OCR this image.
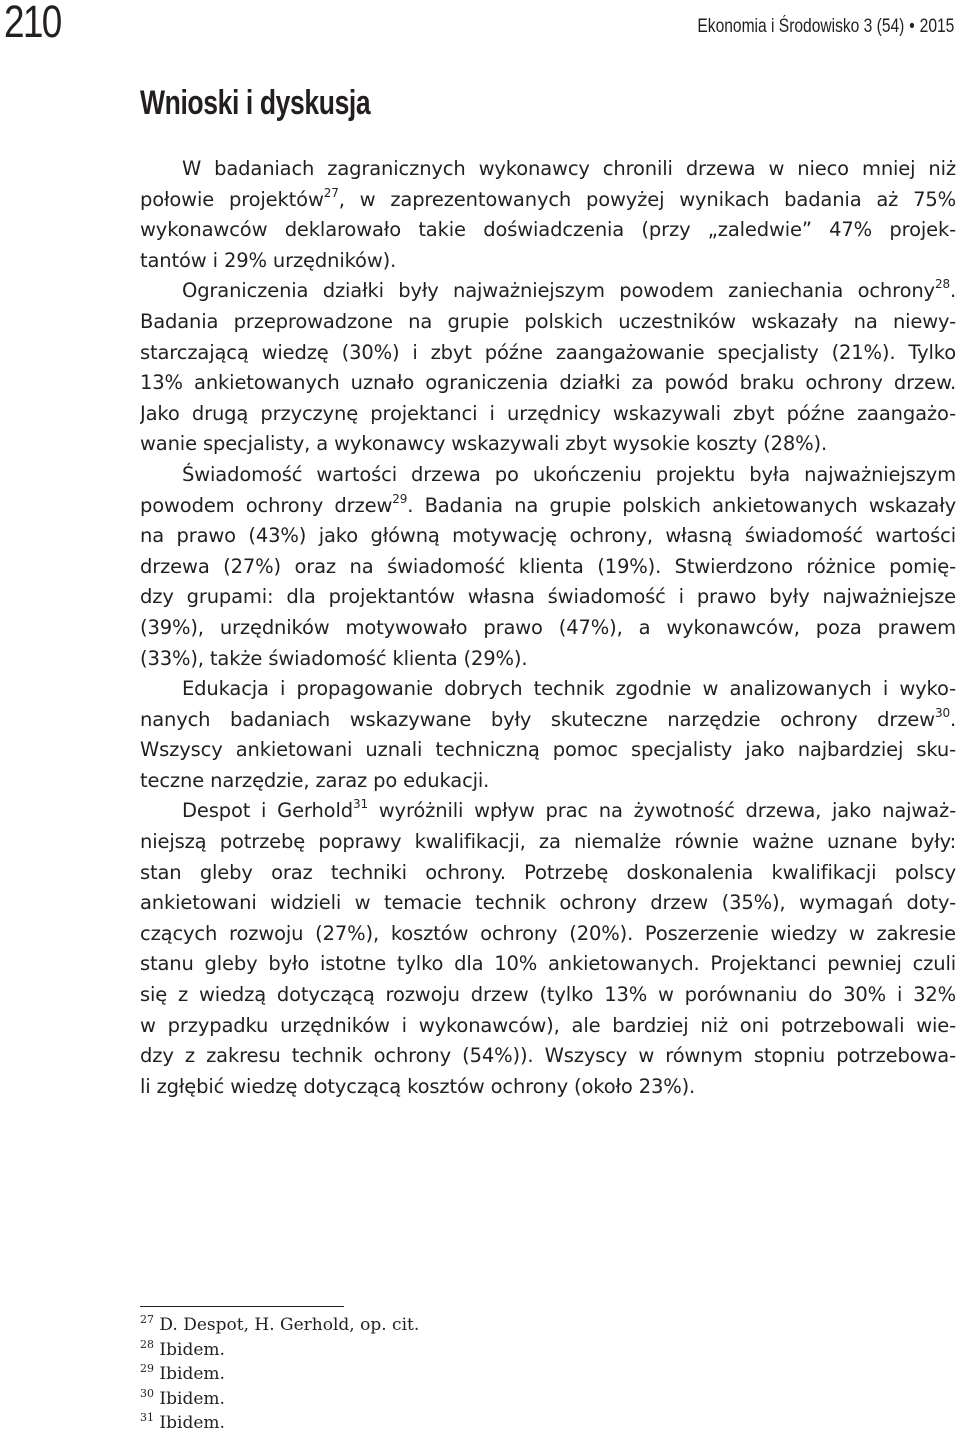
210	Ekonomia i Środowisko 3 (54) • 2015
Wnioski i dyskusja
W badaniach zagranicznych wykonawcy chronili drzewa w nieco mniej niż
połowie projektów$^{27}$, w zaprezentowanych powyżej wynikach badania aż 75%
wykonawców deklarowało takie doświadczenia (przy „zaledwie” 47% projek-
tantów i 29% urzędników).
Ograniczenia działki były najważniejszym powodem zaniechania ochrony$^{28}$.
Badania przeprowadzone na grupie polskich uczestników wskazały na niewy-
starczającą wiedzę (30%) i zbyt późne zaangażowanie specjalisty (21%). Tylko
13% ankietowanych uznało ograniczenia działki za powód braku ochrony drzew.
Jako drugą przyczynę projektanci i urzędnicy wskazywali zbyt późne zaangażo-
wanie specjalisty, a wykonawcy wskazywali zbyt wysokie koszty (28%).
Świadomość wartości drzewa po ukończeniu projektu była najważniejszym
powodem ochrony drzew$^{29}$. Badania na grupie polskich ankietowanych wskazały
na prawo (43%) jako główną motywację ochrony, własną świadomość wartości
drzewa (27%) oraz na świadomość klienta (19%). Stwierdzono różnice pomię-
dzy grupami: dla projektantów własna świadomość i prawo były najważniejsze
(39%), urzędników motywowało prawo (47%), a wykonawców, poza prawem
(33%), także świadomość klienta (29%).
Edukacja i propagowanie dobrych technik zgodnie w analizowanych i wyko-
nanych badaniach wskazywane były skuteczne narzędzie ochrony drzew$^{30}$.
Wszyscy ankietowani uznali techniczną pomoc specjalisty jako najbardziej sku-
teczne narzędzie, zaraz po edukacji.
Despot i Gerhold$^{31}$ wyróżnili wpływ prac na żywotność drzewa, jako najważ-
niejszą potrzebę poprawy kwalifikacji, za niemalże równie ważne uznane były:
stan gleby oraz techniki ochrony. Potrzebę doskonalenia kwalifikacji polscy
ankietowani widzieli w temacie technik ochrony drzew (35%), wymagań doty-
czących rozwoju (27%), kosztów ochrony (20%). Poszerzenie wiedzy w zakresie
stanu gleby było istotne tylko dla 10% ankietowanych. Projektanci pewniej czuli
się z wiedzą dotyczącą rozwoju drzew (tylko 13% w porównaniu do 30% i 32%
w przypadku urzędników i wykonawców), ale bardziej niż oni potrzebowali wie-
dzy z zakresu technik ochrony (54%)). Wszyscy w równym stopniu potrzebowa-
li zgłębić wiedzę dotyczącą kosztów ochrony (około 23%).
$^{27}$ D. Despot, H. Gerhold, op. cit.
$^{28}$ Ibidem.
$^{29}$ Ibidem.
$^{30}$ Ibidem.
$^{31}$ Ibidem.
